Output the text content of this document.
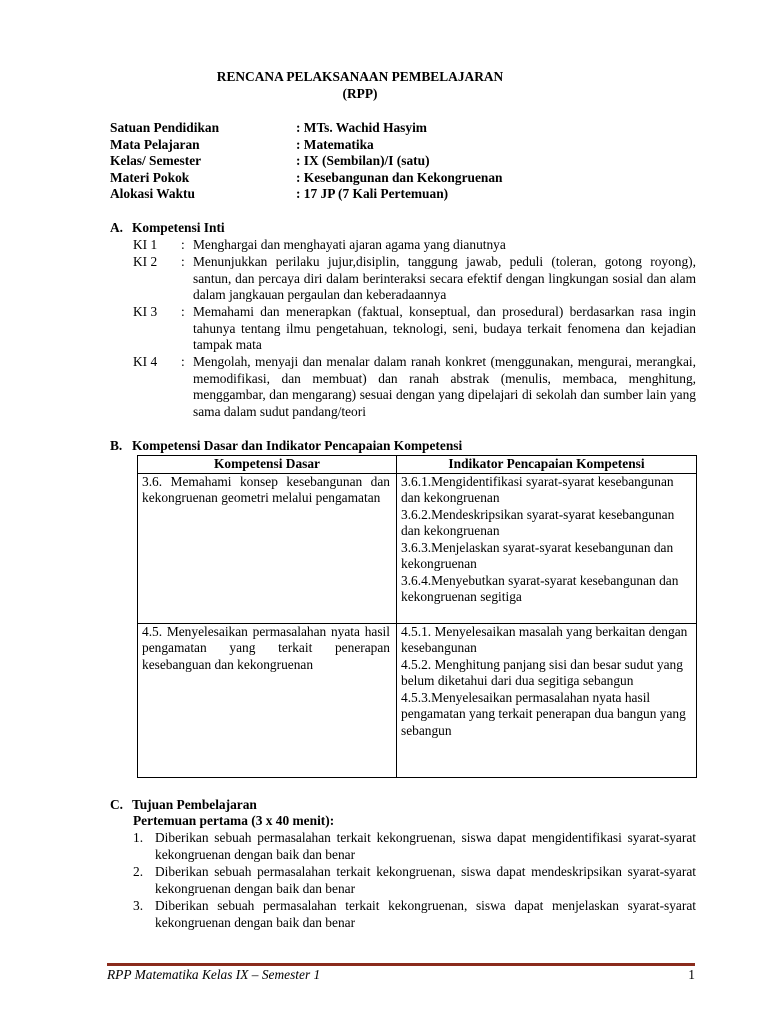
RENCANA PELAKSANAAN PEMBELAJARAN
(RPP)
Satuan Pendidikan	: MTs. Wachid Hasyim
Mata Pelajaran	: Matematika
Kelas/ Semester	: IX (Sembilan)/I (satu)
Materi Pokok	: Kesebangunan dan Kekongruenan
Alokasi Waktu	: 17 JP (7 Kali Pertemuan)
A. Kompetensi Inti
KI 1	: Menghargai dan menghayati ajaran agama yang dianutnya
KI 2	: Menunjukkan perilaku jujur,disiplin, tanggung jawab, peduli (toleran, gotong royong), santun, dan percaya diri dalam berinteraksi secara efektif dengan lingkungan sosial dan alam dalam jangkauan pergaulan dan keberadaannya
KI 3	: Memahami dan menerapkan (faktual, konseptual, dan prosedural) berdasarkan rasa ingin tahunya tentang ilmu pengetahuan, teknologi, seni, budaya terkait fenomena dan kejadian tampak mata
KI 4	: Mengolah, menyaji dan menalar dalam ranah konkret (menggunakan, mengurai, merangkai, memodifikasi, dan membuat) dan ranah abstrak (menulis, membaca, menghitung, menggambar, dan mengarang) sesuai dengan yang dipelajari di sekolah dan sumber lain yang sama dalam sudut pandang/teori
B. Kompetensi Dasar dan Indikator Pencapaian Kompetensi
Kompetensi Dasar	Indikator Pencapaian Kompetensi

3.6. Memahami konsep kesebangunan dan kekongruenan geometri melalui pengamatan	3.6.1.Mengidentifikasi syarat-syarat kesebangunan dan kekongruenan
3.6.2.Mendeskripsikan syarat-syarat kesebangunan dan kekongruenan
3.6.3.Menjelaskan syarat-syarat kesebangunan dan kekongruenan
3.6.4.Menyebutkan syarat-syarat kesebangunan dan kekongruenan segitiga

4.5. Menyelesaikan permasalahan nyata hasil pengamatan yang terkait penerapan kesebanguan dan kekongruenan	4.5.1. Menyelesaikan masalah yang berkaitan dengan kesebangunan
4.5.2. Menghitung panjang sisi dan besar sudut yang belum diketahui dari dua segitiga sebangun
4.5.3.Menyelesaikan permasalahan nyata hasil pengamatan yang terkait penerapan dua bangun yang sebangun
C. Tujuan Pembelajaran
Pertemuan pertama (3 x 40 menit):
1. Diberikan sebuah permasalahan terkait kekongruenan, siswa dapat mengidentifikasi syarat-syarat kekongruenan dengan baik dan benar
2. Diberikan sebuah permasalahan terkait kekongruenan, siswa dapat mendeskripsikan syarat-syarat kekongruenan dengan baik dan benar
3. Diberikan sebuah permasalahan terkait kekongruenan, siswa dapat menjelaskan syarat-syarat kekongruenan dengan baik dan benar
RPP Matematika Kelas IX – Semester 1	1
